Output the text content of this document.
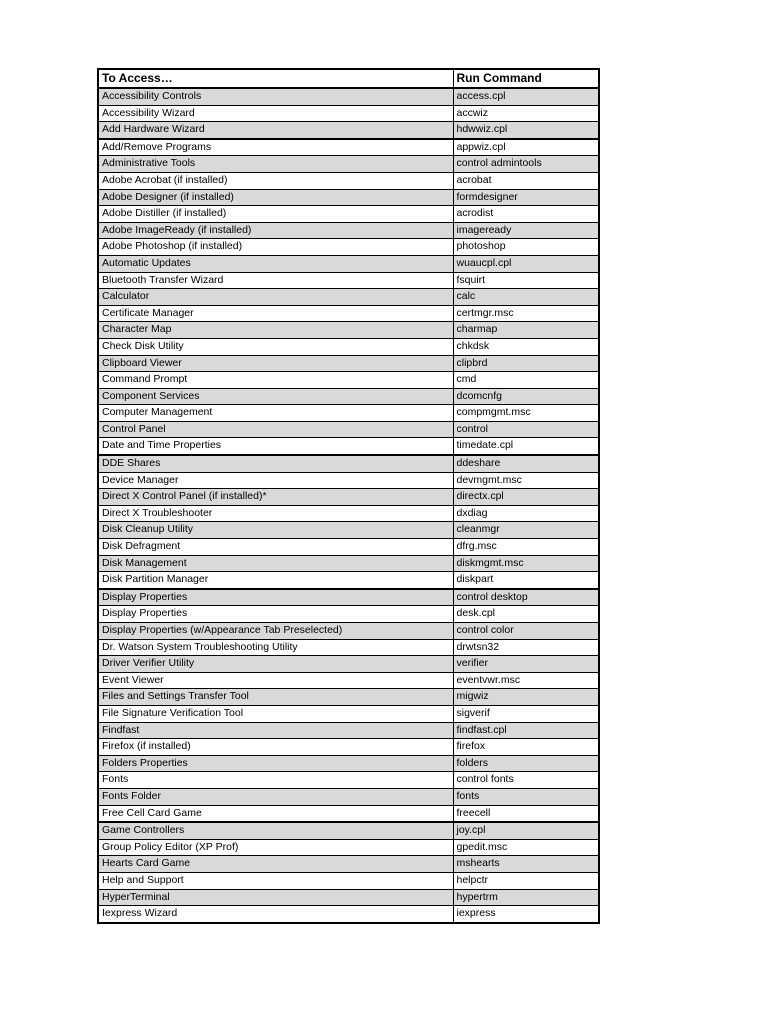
To Access…	Run Command
Accessibility Controls	access.cpl
Accessibility Wizard	accwiz
Add Hardware Wizard	hdwwiz.cpl
Add/Remove Programs	appwiz.cpl
Administrative Tools	control admintools
Adobe Acrobat (if installed)	acrobat
Adobe Designer (if installed)	formdesigner
Adobe Distiller (if installed)	acrodist
Adobe ImageReady (if installed)	imageready
Adobe Photoshop (if installed)	photoshop
Automatic Updates	wuaucpl.cpl
Bluetooth Transfer Wizard	fsquirt
Calculator	calc
Certificate Manager	certmgr.msc
Character Map	charmap
Check Disk Utility	chkdsk
Clipboard Viewer	clipbrd
Command Prompt	cmd
Component Services	dcomcnfg
Computer Management	compmgmt.msc
Control Panel	control
Date and Time Properties	timedate.cpl
DDE Shares	ddeshare
Device Manager	devmgmt.msc
Direct X Control Panel (if installed)*	directx.cpl
Direct X Troubleshooter	dxdiag
Disk Cleanup Utility	cleanmgr
Disk Defragment	dfrg.msc
Disk Management	diskmgmt.msc
Disk Partition Manager	diskpart
Display Properties	control desktop
Display Properties	desk.cpl
Display Properties (w/Appearance Tab Preselected)	control color
Dr. Watson System Troubleshooting Utility	drwtsn32
Driver Verifier Utility	verifier
Event Viewer	eventvwr.msc
Files and Settings Transfer Tool	migwiz
File Signature Verification Tool	sigverif
Findfast	findfast.cpl
Firefox (if installed)	firefox
Folders Properties	folders
Fonts	control fonts
Fonts Folder	fonts
Free Cell Card Game	freecell
Game Controllers	joy.cpl
Group Policy Editor (XP Prof)	gpedit.msc
Hearts Card Game	mshearts
Help and Support	helpctr
HyperTerminal	hypertrm
Iexpress Wizard	iexpress
